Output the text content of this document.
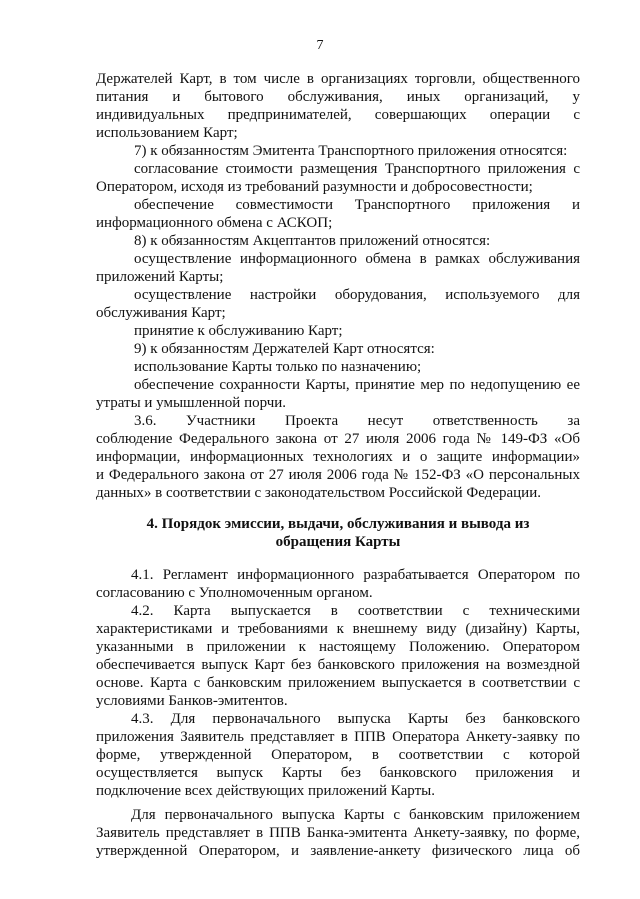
7
Держателей Карт, в том числе в организациях торговли, общественного
питания и бытового обслуживания, иных организаций, у
индивидуальных предпринимателей, совершающих операции с
использованием Карт;
7) к обязанностям Эмитента Транспортного приложения относятся:
согласование стоимости размещения Транспортного приложения с
Оператором, исходя из требований разумности и добросовестности;
обеспечение совместимости Транспортного приложения и
информационного обмена с АСКОП;
8) к обязанностям Акцептантов приложений относятся:
осуществление информационного обмена в рамках обслуживания
приложений Карты;
осуществление настройки оборудования, используемого для
обслуживания Карт;
принятие к обслуживанию Карт;
9) к обязанностям Держателей Карт относятся:
использование Карты только по назначению;
обеспечение сохранности Карты, принятие мер по недопущению ее
утраты и умышленной порчи.
3.6. Участники Проекта несут ответственность за
соблюдение Федерального закона от 27 июля 2006 года № 149-ФЗ «Об
информации, информационных технологиях и о защите информации»
и Федерального закона от 27 июля 2006 года № 152-ФЗ «О персональных
данных» в соответствии с законодательством Российской Федерации.
4. Порядок эмиссии, выдачи, обслуживания и вывода из
обращения Карты
4.1. Регламент информационного разрабатывается Оператором по
согласованию с Уполномоченным органом.
4.2. Карта выпускается в соответствии с техническими
характеристиками и требованиями к внешнему виду (дизайну) Карты,
указанными в приложении к настоящему Положению. Оператором
обеспечивается выпуск Карт без банковского приложения на возмездной
основе. Карта с банковским приложением выпускается в соответствии с
условиями Банков-эмитентов.
4.3. Для первоначального выпуска Карты без банковского
приложения Заявитель представляет в ППВ Оператора Анкету-заявку по
форме, утвержденной Оператором, в соответствии с которой
осуществляется выпуск Карты без банковского приложения и
подключение всех действующих приложений Карты.
Для первоначального выпуска Карты с банковским приложением
Заявитель представляет в ППВ Банка-эмитента Анкету-заявку, по форме,
утвержденной Оператором, и заявление-анкету физического лица об
